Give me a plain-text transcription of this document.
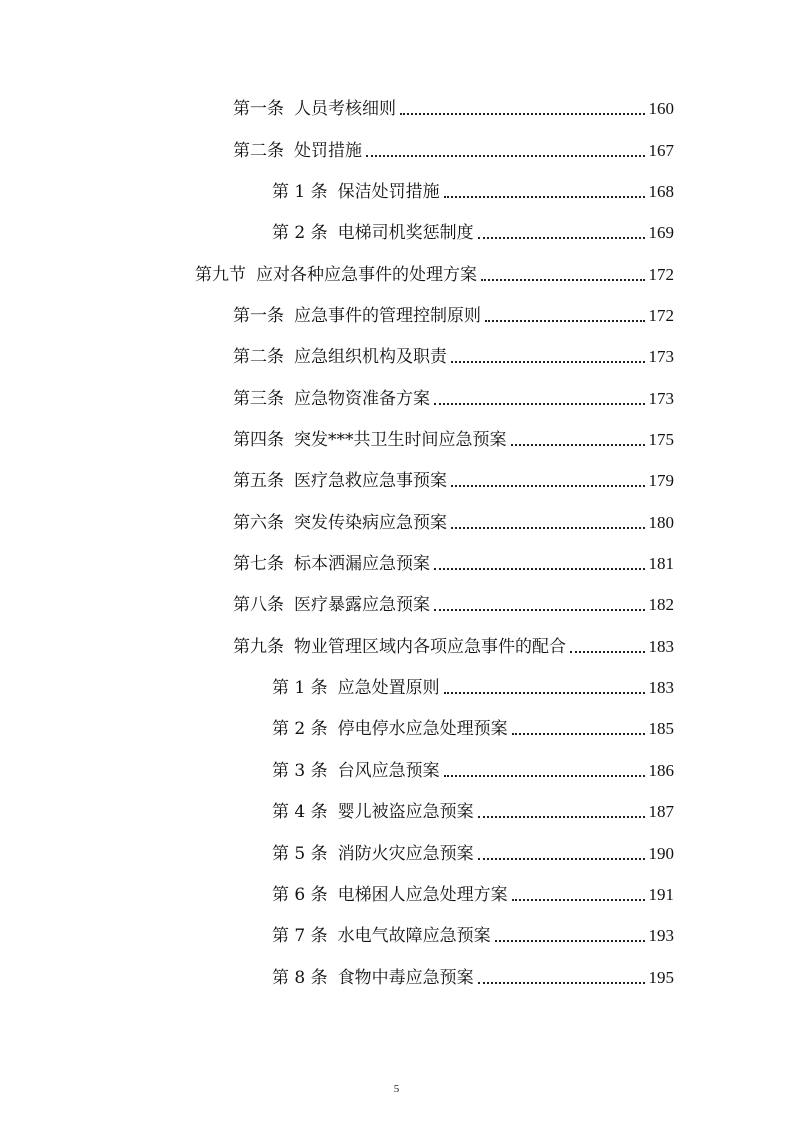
第一条 人员考核细则	160
第二条 处罚措施	167
第 1 条 保洁处罚措施	168
第 2 条 电梯司机奖惩制度	169
第九节 应对各种应急事件的处理方案	172
第一条 应急事件的管理控制原则	172
第二条 应急组织机构及职责	173
第三条 应急物资准备方案	173
第四条 突发***共卫生时间应急预案	175
第五条 医疗急救应急事预案	179
第六条 突发传染病应急预案	180
第七条 标本洒漏应急预案	181
第八条 医疗暴露应急预案	182
第九条 物业管理区域内各项应急事件的配合	183
第 1 条 应急处置原则	183
第 2 条 停电停水应急处理预案	185
第 3 条 台风应急预案	186
第 4 条 婴儿被盗应急预案	187
第 5 条 消防火灾应急预案	190
第 6 条 电梯困人应急处理方案	191
第 7 条 水电气故障应急预案	193
第 8 条 食物中毒应急预案	195
5
